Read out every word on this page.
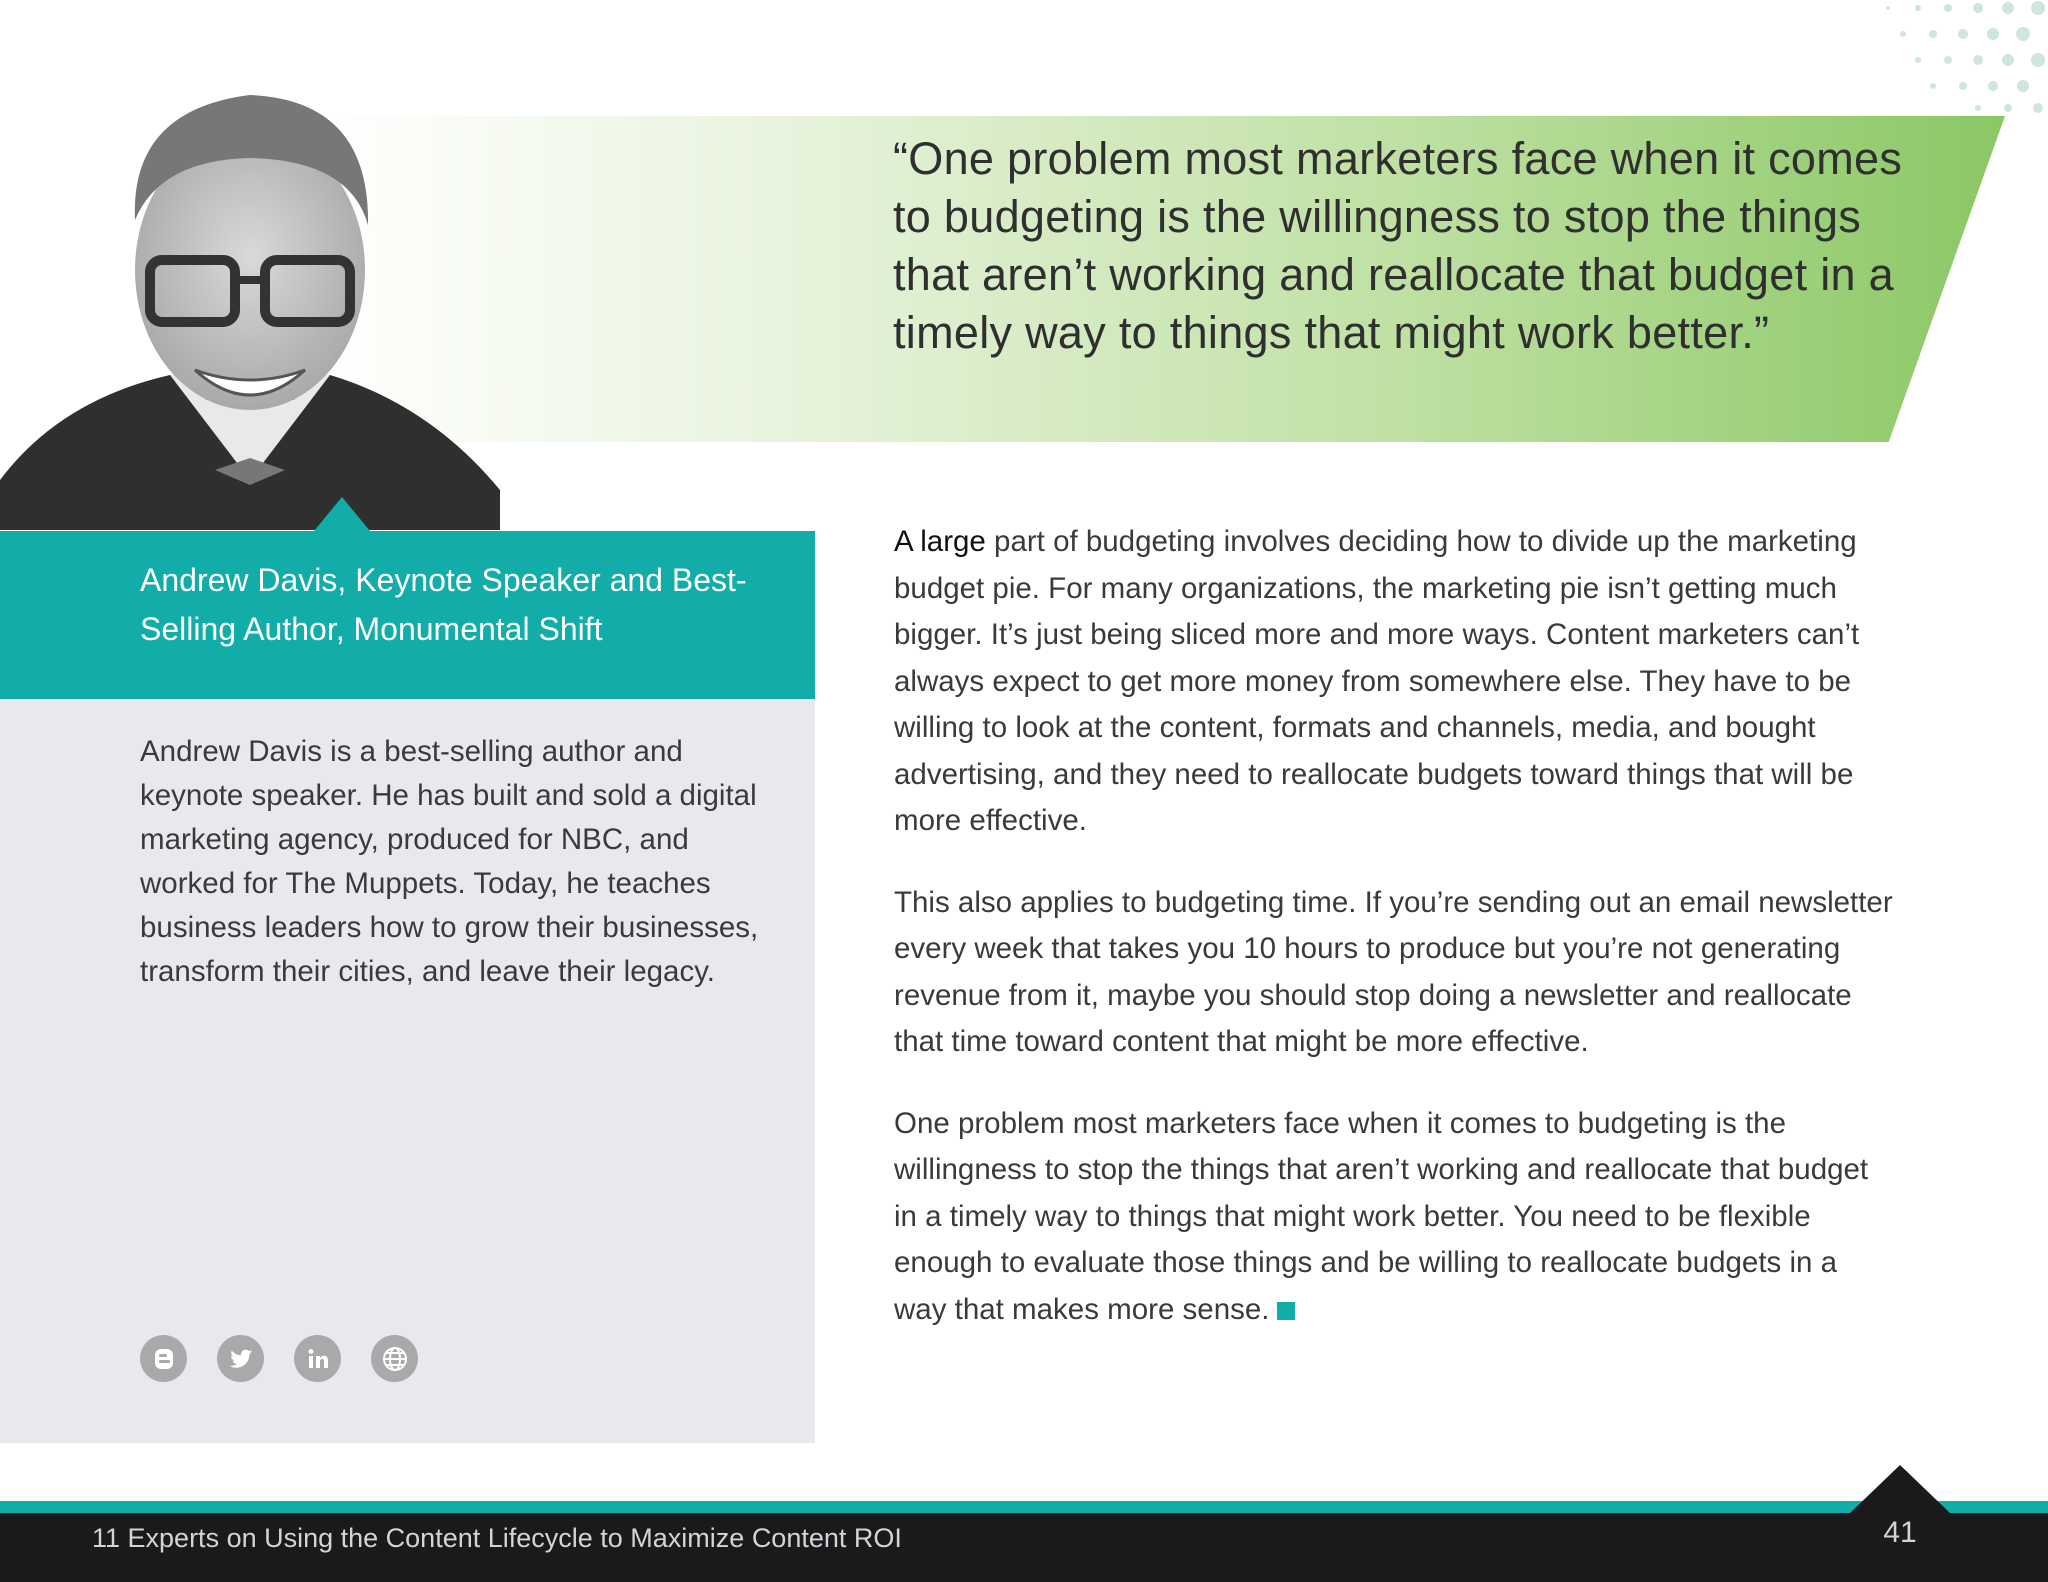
“One problem most marketers face when it comes to budgeting is the willingness to stop the things that aren’t working and reallocate that budget in a timely way to things that might work better.”

Andrew Davis, Keynote Speaker and Best-Selling Author, Monumental Shift

Andrew Davis is a best-selling author and keynote speaker. He has built and sold a digital marketing agency, produced for NBC, and worked for The Muppets. Today, he teaches business leaders how to grow their businesses, transform their cities, and leave their legacy.

A large part of budgeting involves deciding how to divide up the marketing budget pie. For many organizations, the marketing pie isn’t getting much bigger. It’s just being sliced more and more ways. Content marketers can’t always expect to get more money from somewhere else. They have to be willing to look at the content, formats and channels, media, and bought advertising, and they need to reallocate budgets toward things that will be more effective.

This also applies to budgeting time. If you’re sending out an email newsletter every week that takes you 10 hours to produce but you’re not generating revenue from it, maybe you should stop doing a newsletter and reallocate that time toward content that might be more effective.

One problem most marketers face when it comes to budgeting is the willingness to stop the things that aren’t working and reallocate that budget in a timely way to things that might work better. You need to be flexible enough to evaluate those things and be willing to reallocate budgets in a way that makes more sense.

11 Experts on Using the Content Lifecycle to Maximize Content ROI	41
